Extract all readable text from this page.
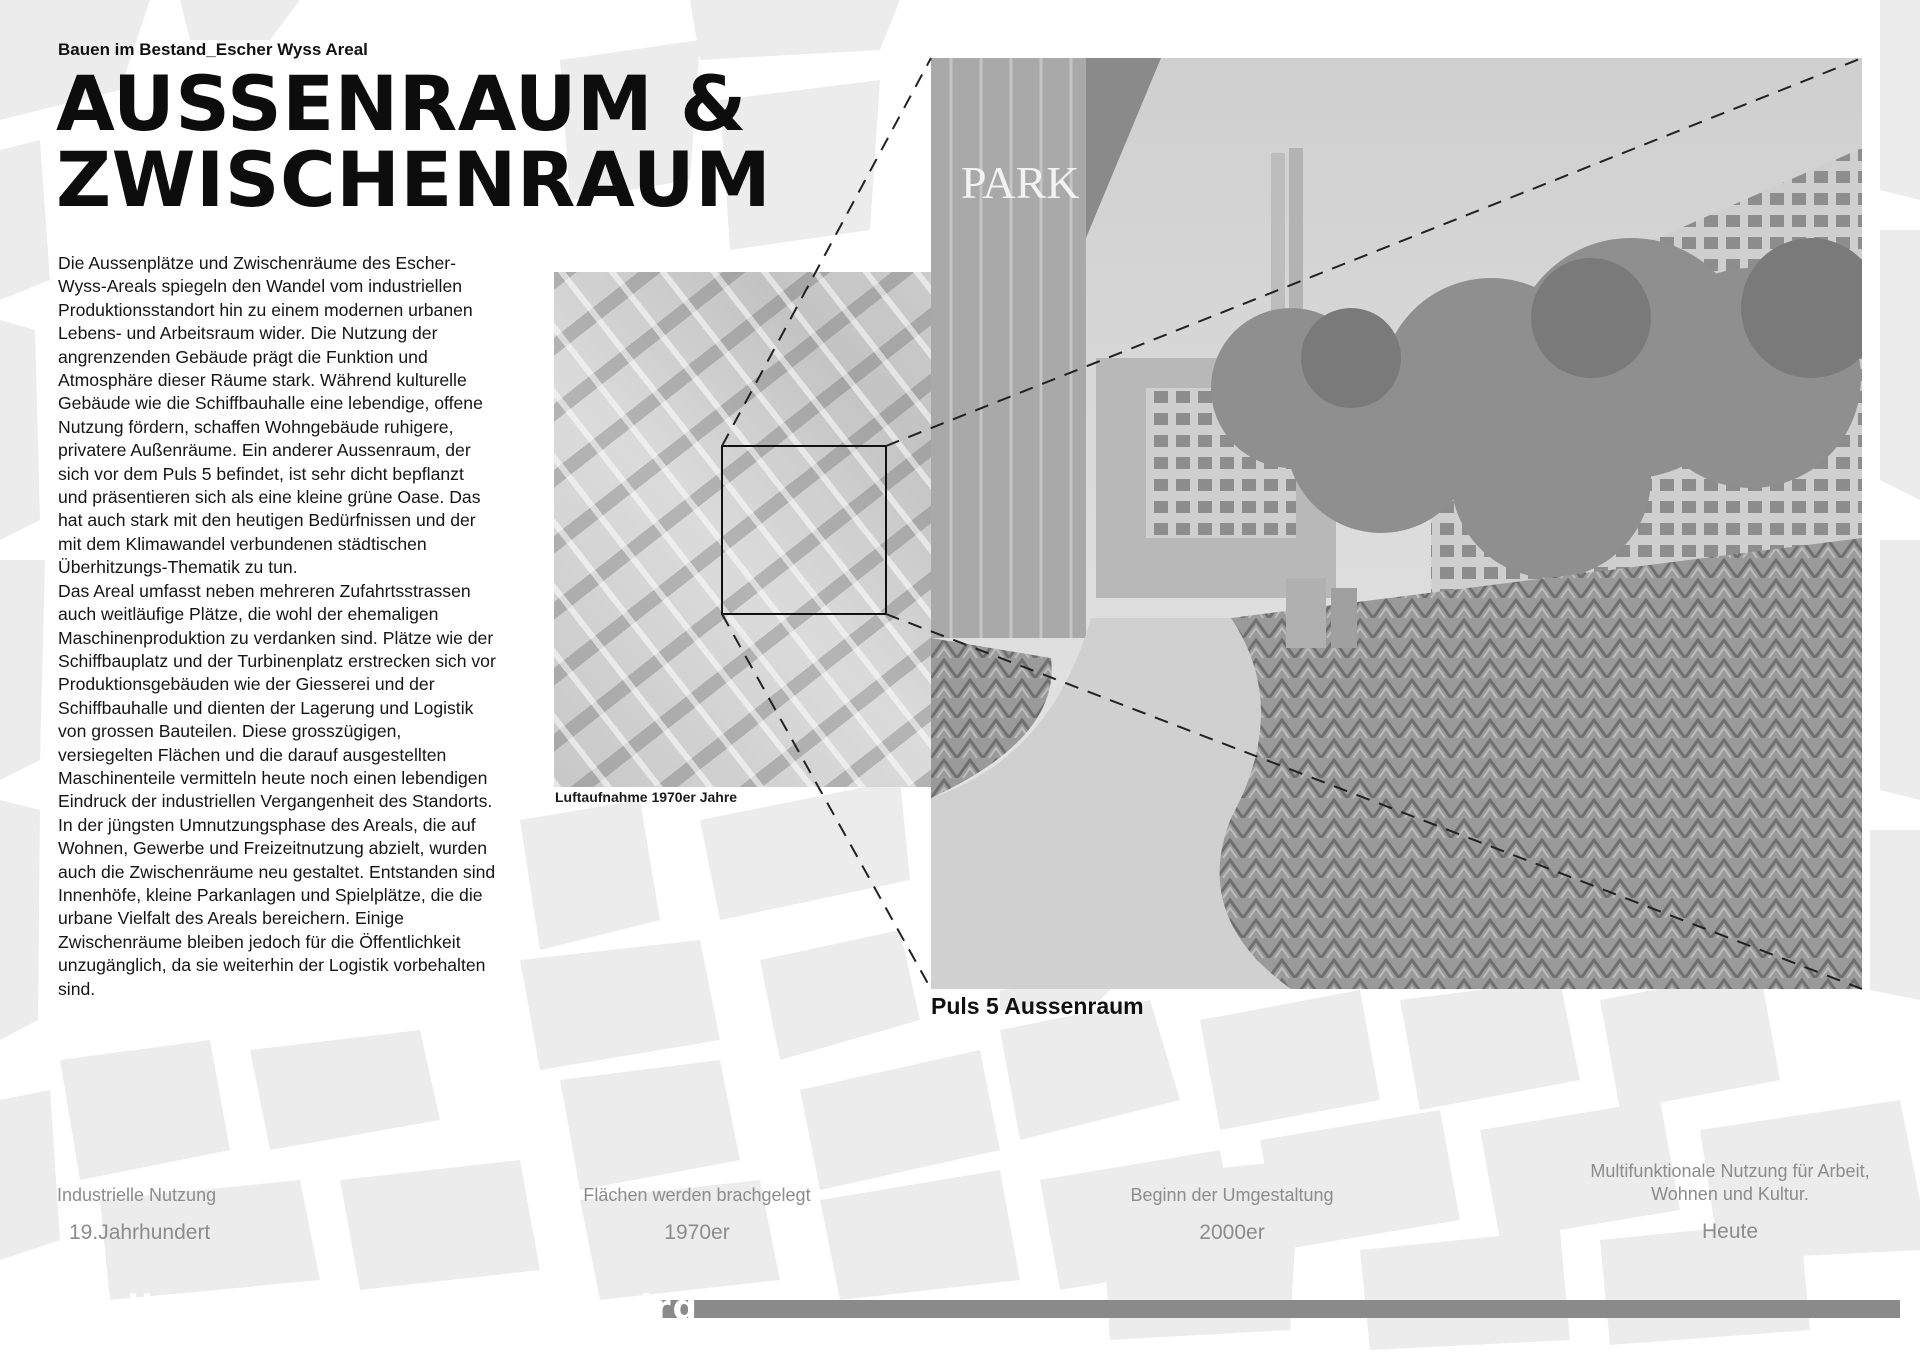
Bauen im Bestand_Escher Wyss Areal
AUSSENRAUM &
ZWISCHENRAUM

Die Aussenplätze und Zwischenräume des Escher-Wyss-Areals spiegeln den Wandel vom industriellen Produktionsstandort hin zu einem modernen urbanen Lebens- und Arbeitsraum wider. Die Nutzung der angrenzenden Gebäude prägt die Funktion und Atmosphäre dieser Räume stark. Während kulturelle Gebäude wie die Schiffbauhalle eine lebendige, offene Nutzung fördern, schaffen Wohngebäude ruhigere, privatere Außenräume. Ein anderer Aussenraum, der sich vor dem Puls 5 befindet, ist sehr dicht bepflanzt und präsentieren sich als eine kleine grüne Oase. Das hat auch stark mit den heutigen Bedürfnissen und der mit dem Klimawandel verbundenen städtischen Überhitzungs-Thematik zu tun.

Das Areal umfasst neben mehreren Zufahrtsstrassen auch weitläufige Plätze, die wohl der ehemaligen Maschinenproduktion zu verdanken sind. Plätze wie der Schiffbauplatz und der Turbinenplatz erstrecken sich vor Produktionsgebäuden wie der Giesserei und der Schiffbauhalle und dienten der Lagerung und Logistik von grossen Bauteilen. Diese grosszügigen, versiegelten Flächen und die darauf ausgestellten Maschinenteile vermitteln heute noch einen lebendigen Eindruck der industriellen Vergangenheit des Standorts.

In der jüngsten Umnutzungsphase des Areals, die auf Wohnen, Gewerbe und Freizeitnutzung abzielt, wurden auch die Zwischenräume neu gestaltet. Entstanden sind Innenhöfe, kleine Parkanlagen und Spielplätze, die die urbane Vielfalt des Areals bereichern. Einige Zwischenräume bleiben jedoch für die Öffentlichkeit unzugänglich, da sie weiterhin der Logistik vorbehalten sind.

Luftaufnahme 1970er Jahre
PARK
Puls 5 Aussenraum
Industrielle Nutzung
19.Jahrhundert
Flächen werden brachgelegt
1970er
Beginn der Umgestaltung
2000er
Multifunktionale Nutzung für Arbeit, Wohnen und Kultur.
Heute
wo die funktion zur kultur wird
